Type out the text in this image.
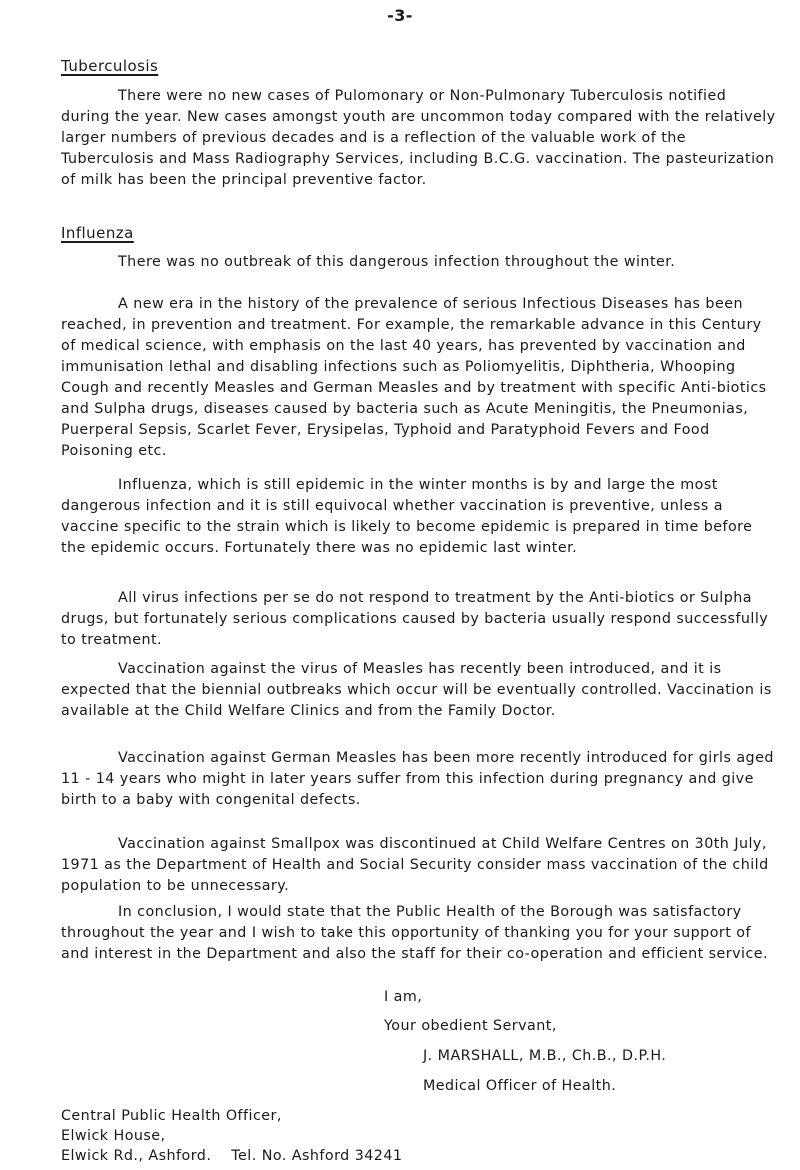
-3-
Tuberculosis

There were no new cases of Pulomonary or Non-Pulmonary Tuberculosis notified during the year. New cases amongst youth are uncommon today compared with the relatively larger numbers of previous decades and is a reflection of the valuable work of the Tuberculosis and Mass Radiography Services, including B.C.G. vaccination. The pasteurization of milk has been the principal preventive factor.

Influenza

There was no outbreak of this dangerous infection throughout the winter.

A new era in the history of the prevalence of serious Infectious Diseases has been reached, in prevention and treatment. For example, the remarkable advance in this Century of medical science, with emphasis on the last 40 years, has prevented by vaccination and immunisation lethal and disabling infections such as Poliomyelitis, Diphtheria, Whooping Cough and recently Measles and German Measles and by treatment with specific Anti-biotics and Sulpha drugs, diseases caused by bacteria such as Acute Meningitis, the Pneumonias, Puerperal Sepsis, Scarlet Fever, Erysipelas, Typhoid and Paratyphoid Fevers and Food Poisoning etc.

Influenza, which is still epidemic in the winter months is by and large the most dangerous infection and it is still equivocal whether vaccination is preventive, unless a vaccine specific to the strain which is likely to become epidemic is prepared in time before the epidemic occurs. Fortunately there was no epidemic last winter.

All virus infections per se do not respond to treatment by the Anti-biotics or Sulpha drugs, but fortunately serious complications caused by bacteria usually respond successfully to treatment.

Vaccination against the virus of Measles has recently been introduced, and it is expected that the biennial outbreaks which occur will be eventually controlled. Vaccination is available at the Child Welfare Clinics and from the Family Doctor.

Vaccination against German Measles has been more recently introduced for girls aged 11 - 14 years who might in later years suffer from this infection during pregnancy and give birth to a baby with congenital defects.

Vaccination against Smallpox was discontinued at Child Welfare Centres on 30th July, 1971 as the Department of Health and Social Security consider mass vaccination of the child population to be unnecessary.

In conclusion, I would state that the Public Health of the Borough was satisfactory throughout the year and I wish to take this opportunity of thanking you for your support of and interest in the Department and also the staff for their co-operation and efficient service.

I am,

Your obedient Servant,

J. MARSHALL, M.B., Ch.B., D.P.H.

Medical Officer of Health.

Central Public Health Officer,
Elwick House,
Elwick Rd., Ashford.    Tel. No. Ashford 34241
